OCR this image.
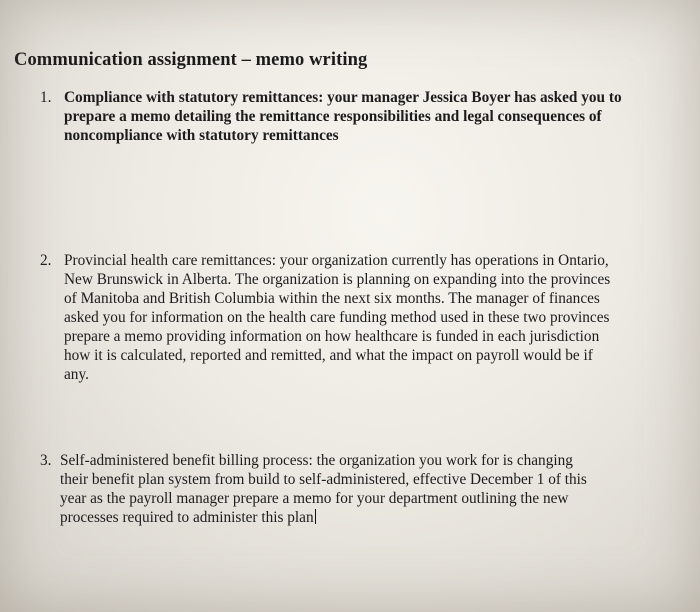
Communication assignment – memo writing
1. Compliance with statutory remittances: your manager Jessica Boyer has asked you to
prepare a memo detailing the remittance responsibilities and legal consequences of
noncompliance with statutory remittances
2. Provincial health care remittances: your organization currently has operations in Ontario,
New Brunswick in Alberta. The organization is planning on expanding into the provinces
of Manitoba and British Columbia within the next six months. The manager of finances
asked you for information on the health care funding method used in these two provinces
prepare a memo providing information on how healthcare is funded in each jurisdiction
how it is calculated, reported and remitted, and what the impact on payroll would be if
any.
3. Self-administered benefit billing process: the organization you work for is changing
their benefit plan system from build to self-administered, effective December 1 of this
year as the payroll manager prepare a memo for your department outlining the new
processes required to administer this plan
